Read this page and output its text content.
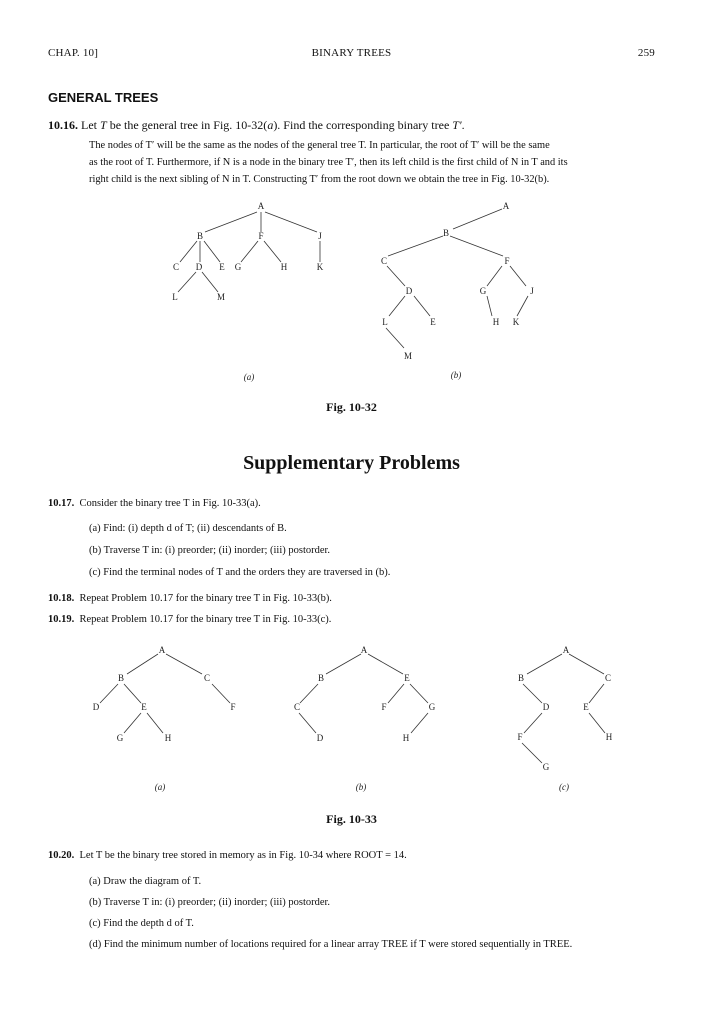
CHAP. 10]	BINARY TREES	259
GENERAL TREES
10.16. Let T be the general tree in Fig. 10-32(a). Find the corresponding binary tree T′.
The nodes of T′ will be the same as the nodes of the general tree T. In particular, the root of T′ will be the same
as the root of T. Furthermore, if N is a node in the binary tree T′, then its left child is the first child of N in T and its
right child is the next sibling of N in T. Constructing T′ from the root down we obtain the tree in Fig. 10-32(b).
A
B	F	J
C D E G	H	K
L	M
(a)
A
B
C	F
D	G	J
L	E	H K
M
(b)
Fig. 10-32
Supplementary Problems
10.17. Consider the binary tree T in Fig. 10-33(a).
(a) Find: (i) depth d of T; (ii) descendants of B.
(b) Traverse T in: (i) preorder; (ii) inorder; (iii) postorder.
(c) Find the terminal nodes of T and the orders they are traversed in (b).
10.18. Repeat Problem 10.17 for the binary tree T in Fig. 10-33(b).
10.19. Repeat Problem 10.17 for the binary tree T in Fig. 10-33(c).
A
B	C
D	E	F
G	H
(a)
A
B	E
C	F	G
D	H
(b)
A
B	C
D	E
F	H
G
(c)
Fig. 10-33
10.20. Let T be the binary tree stored in memory as in Fig. 10-34 where ROOT = 14.
(a) Draw the diagram of T.
(b) Traverse T in: (i) preorder; (ii) inorder; (iii) postorder.
(c) Find the depth d of T.
(d) Find the minimum number of locations required for a linear array TREE if T were stored sequentially in TREE.
